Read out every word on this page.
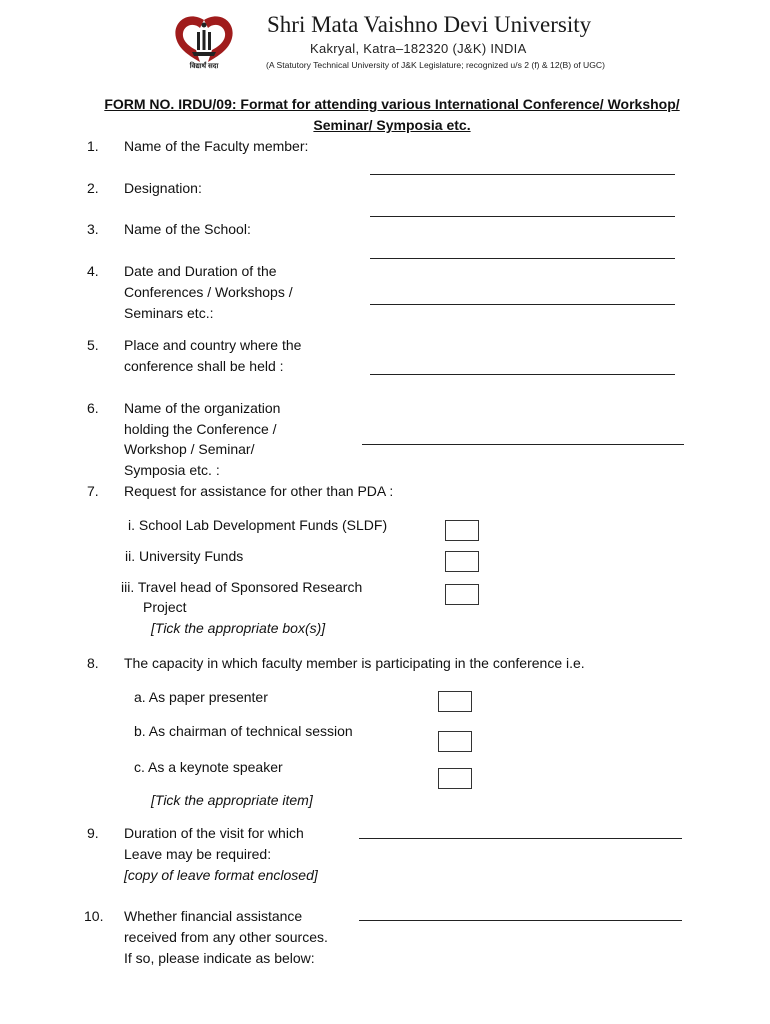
विद्यार्थं सदा
Shri Mata Vaishno Devi University
Kakryal, Katra–182320 (J&K) INDIA
(A Statutory Technical University of J&K Legislature; recognized u/s 2 (f) & 12(B) of UGC)
FORM NO. IRDU/09: Format for attending various International Conference/ Workshop/
Seminar/ Symposia etc.
1. Name of the Faculty member:
2. Designation:
3. Name of the School:
4. Date and Duration of the
Conferences / Workshops /
Seminars etc.:
5. Place and country where the
conference shall be held :
6. Name of the organization
holding the Conference /
Workshop / Seminar/
Symposia etc. :
7. Request for assistance for other than PDA :
i. School Lab Development Funds (SLDF)
ii. University Funds
iii. Travel head of Sponsored Research
Project
[Tick the appropriate box(s)]
8. The capacity in which faculty member is participating in the conference i.e.
a. As paper presenter
b. As chairman of technical session
c. As a keynote speaker
[Tick the appropriate item]
9. Duration of the visit for which
Leave may be required:
[copy of leave format enclosed]
10. Whether financial assistance
received from any other sources.
If so, please indicate as below:
